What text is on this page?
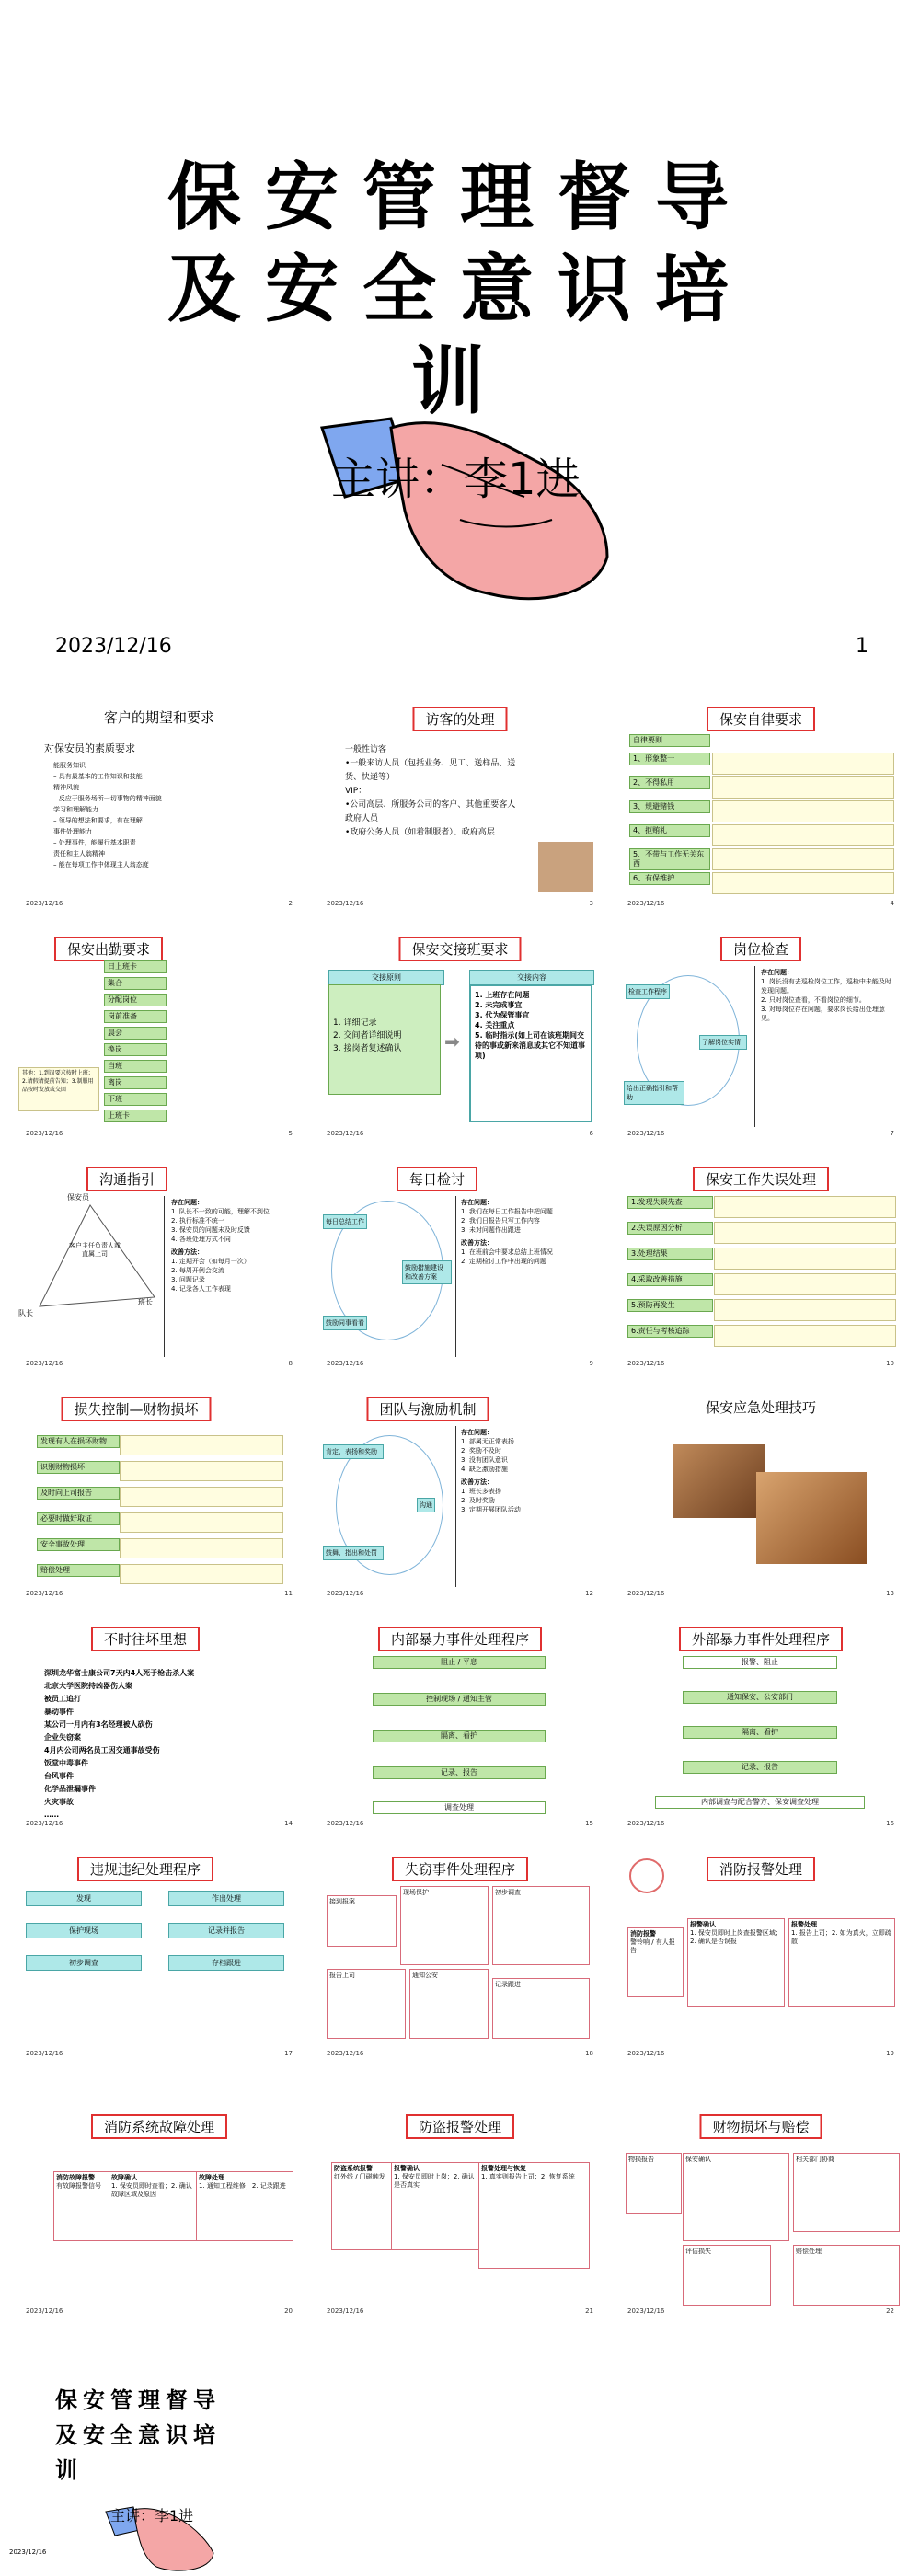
保安管理督导及安全意识培训
主讲：李1进
2023/12/16	1
客户的期望和要求
对保安员的素质要求
能服务知识
– 具有最基本的工作知识和技能
精神风貌
– 反应于服务场所一切事物的精神面貌
学习和理解能力
– 领导的想法和要求，有在理解
事件处理能力
– 处理事件，能履行基本职责
责任和主人翁精神
– 能在每项工作中体现主人翁态度
2023/12/16	2
访客的处理
一般性访客
•一般来访人员（包括业务、见工、送样品、送货、快递等）
VIP：
•公司高层、所服务公司的客户、其他重要客人
政府人员
•政府公务人员（如着制服者）、政府高层
2023/12/16	3
保安自律要求
自律要则
1、形象整一
2、不得私用
3、规避赌钱
4、拒贿礼
5、不带与工作无关东西
6、有保维护
2023/12/16	4
保安出勤要求
日上班卡
集合
分配岗位
岗前准备
晨会
换岗
当班
离岗
下班
上班卡
其他：1.到岗要求按时上班；2.请假请提前告知；3.制服用品按时发放或交回
2023/12/16	5
保安交接班要求
交接原则
1. 详细记录
2. 交间者详细说明
3. 接岗者复述确认	➡
交接内容
1. 上班存在问题
2. 未完成事宜
3. 代为保管事宜
4. 关注重点
5. 临时指示(如上司在该班期间交待的事或新来消息或其它不知道事项)
2023/12/16	6
岗位检查
检查工作程序
了解岗位实情
给出正确指引和帮助
存在问题：
1. 岗长没有去巡检岗位工作，巡检中未能及时发现问题。
2. 只对岗位查看，不看岗位的细节。
3. 对每岗位存在问题，要求岗长给出处理意见。
2023/12/16	7
沟通指引
保安员
客户主任负责人或直属上司
队长
班长
存在问题：
1. 队长不一致的可能，理解不到位
2. 执行标准不统一
3. 保安员的问题未及时反馈
4. 各班处理方式不同
改善方法：
1. 定期开会（如每月一次）
2. 每周开例会交流
3. 问题记录
4. 记录各人工作表现
2023/12/16	8
每日检讨
每日总结工作
鼓励措施建设和改善方案
鼓励同事看看
存在问题：
1. 我们在每日工作报告中把问题
2. 我们日报告只写工作内容
3. 未对问题作出跟进
改善方法：
1. 在班前会中要求总结上班情况
2. 定期检讨工作中出现的问题
2023/12/16	9
保安工作失误处理
1.发现失误先查
2.失误原因分析
3.处理结果
4.采取改善措施
5.预防再发生
6.责任与考核追踪
2023/12/16	10
损失控制—财物损坏
发现有人在损坏财物
识别财物损坏
及时向上司报告
必要时做好取证
安全事故处理
赔偿处理
2023/12/16	11
团队与激励机制
肯定、表扬和奖励
沟通
鼓舞、指出和处罚
存在问题：
1. 部属无正常表扬
2. 奖励不及时
3. 没有团队意识
4. 缺乏激励措施
改善方法：
1. 班长多表扬
2. 及时奖励
3. 定期开展团队活动
2023/12/16	12
保安应急处理技巧
2023/12/16	13
不时往坏里想
深圳龙华富士康公司7天内4人死于枪击杀人案
北京大学医院持凶器伤人案
被员工追打
暴动事件
某公司一月内有3名经理被人砍伤
企业失窃案
4月内公司两名员工因交通事故受伤
饭堂中毒事件
台风事件
化学品泄漏事件
火灾事故
……
2023/12/16	14
内部暴力事件处理程序
阻止 / 平息
控制现场 / 通知主管
隔离、看护
记录、报告
调查处理
2023/12/16	15
外部暴力事件处理程序
报警、阻止
通知保安、公安部门
隔离、看护
记录、报告
内部调查与配合警方、保安调查处理
2023/12/16	16
违规违纪处理程序
发现
保护现场
初步调查
作出处理
记录并报告
存档跟进
2023/12/16	17
失窃事件处理程序
接到报案
现场保护	初步调查
报告上司	通知公安
记录跟进
2023/12/16	18
消防报警处理
消防报警
警铃响 / 有人报告
报警确认
1. 保安员即时上岗查报警区域；2. 确认是否误报
报警处理
1. 报告上司；2. 如为真火，立即疏散
2023/12/16	19
消防系统故障处理
消防故障报警
有故障报警信号
故障确认
1. 保安员即时查看；2. 确认故障区域及原因
故障处理
1. 通知工程维修；2. 记录跟进
2023/12/16	20
防盗报警处理
防盗系统报警
红外线 / 门磁触发
报警确认
1. 保安员即时上岗；2. 确认是否真实
报警处理与恢复
1. 真实则报告上司；2. 恢复系统
2023/12/16	21
财物损坏与赔偿
物损报告	保安确认	相关部门协商
评估损失	赔偿处理
2023/12/16	22
保安管理督导及安全意识培训
主讲：李1进
2023/12/16
